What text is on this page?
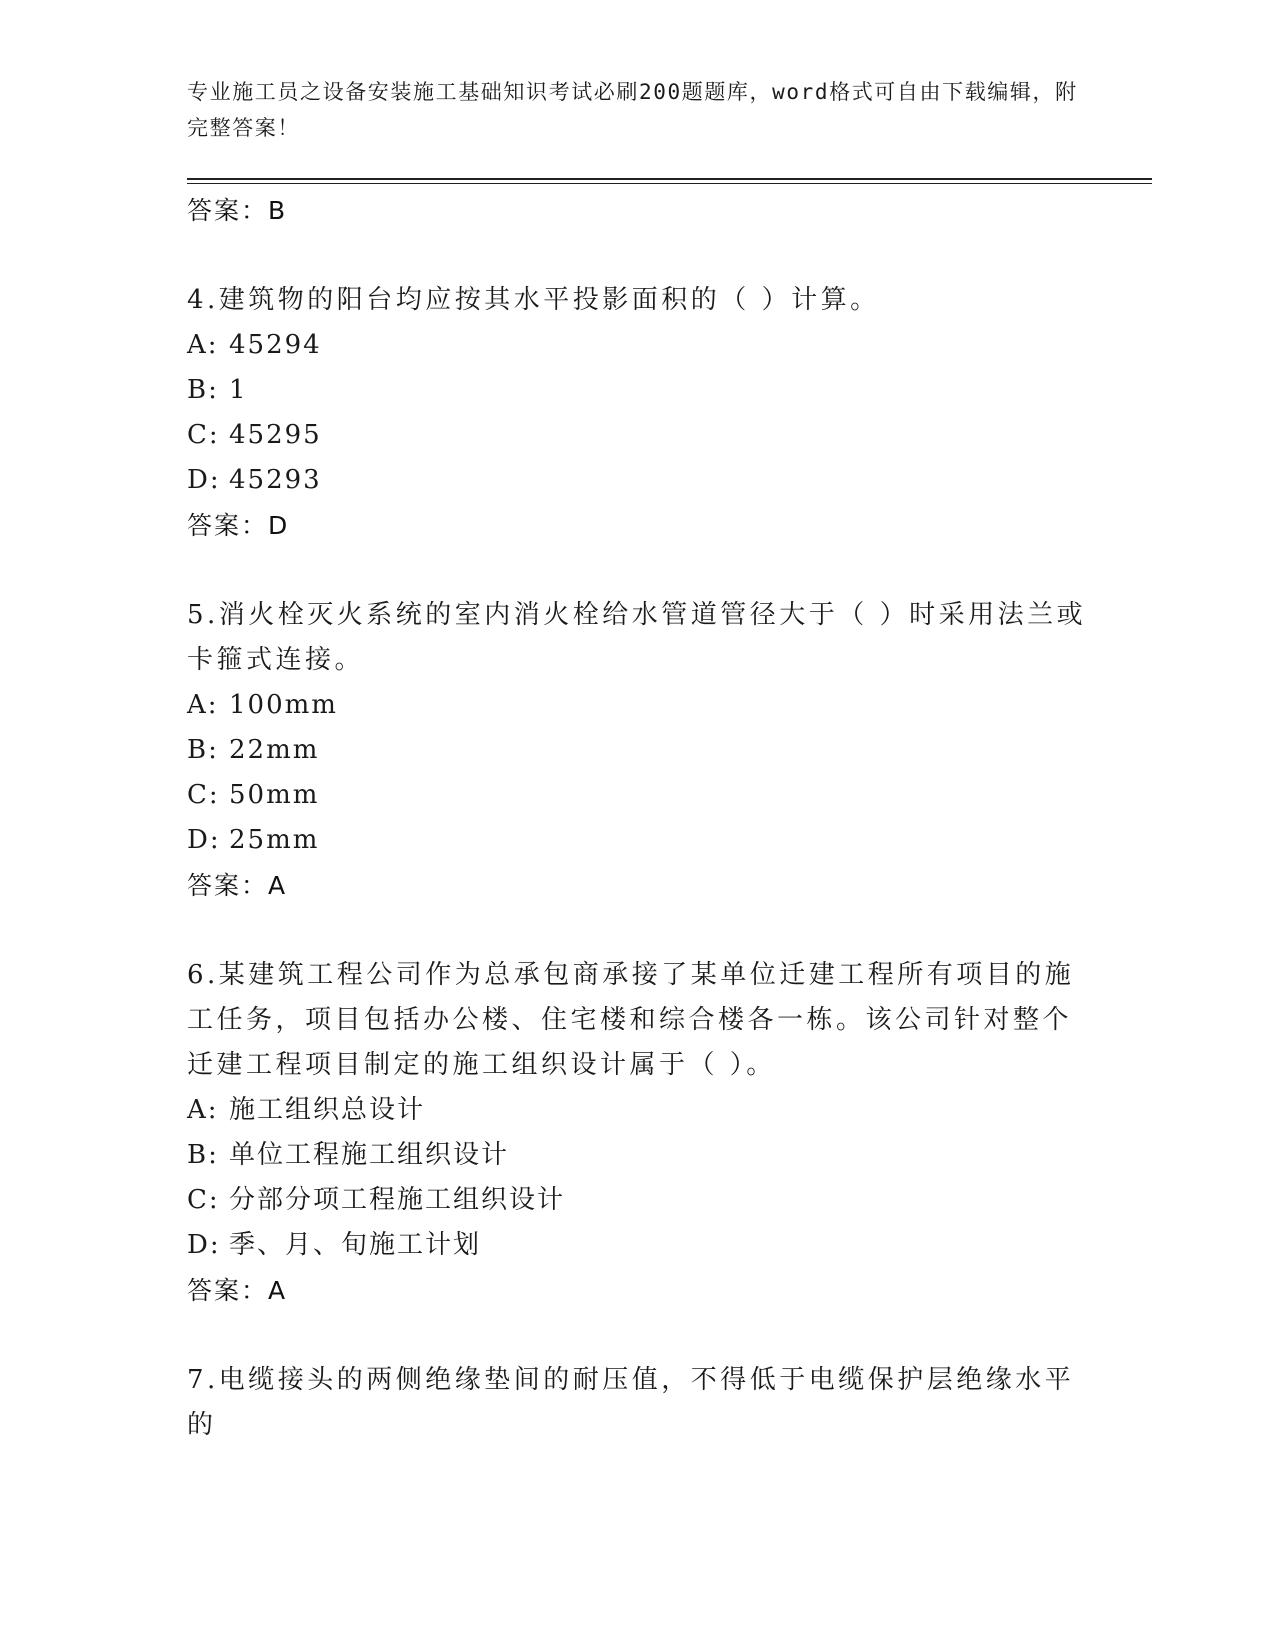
专业施工员之设备安装施工基础知识考试必刷200题题库，word格式可自由下载编辑，附完整答案！
答案：B
4.建筑物的阳台均应按其水平投影面积的（ ）计算。
A: 45294
B: 1
C: 45295
D: 45293
答案：D
5.消火栓灭火系统的室内消火栓给水管道管径大于（ ）时采用法兰或卡箍式连接。
A: 100mm
B: 22mm
C: 50mm
D: 25mm
答案：A
6.某建筑工程公司作为总承包商承接了某单位迁建工程所有项目的施工任务，项目包括办公楼、住宅楼和综合楼各一栋。该公司针对整个迁建工程项目制定的施工组织设计属于（ ）。
A: 施工组织总设计
B: 单位工程施工组织设计
C: 分部分项工程施工组织设计
D: 季、月、旬施工计划
答案：A
7.电缆接头的两侧绝缘垫间的耐压值，不得低于电缆保护层绝缘水平的
